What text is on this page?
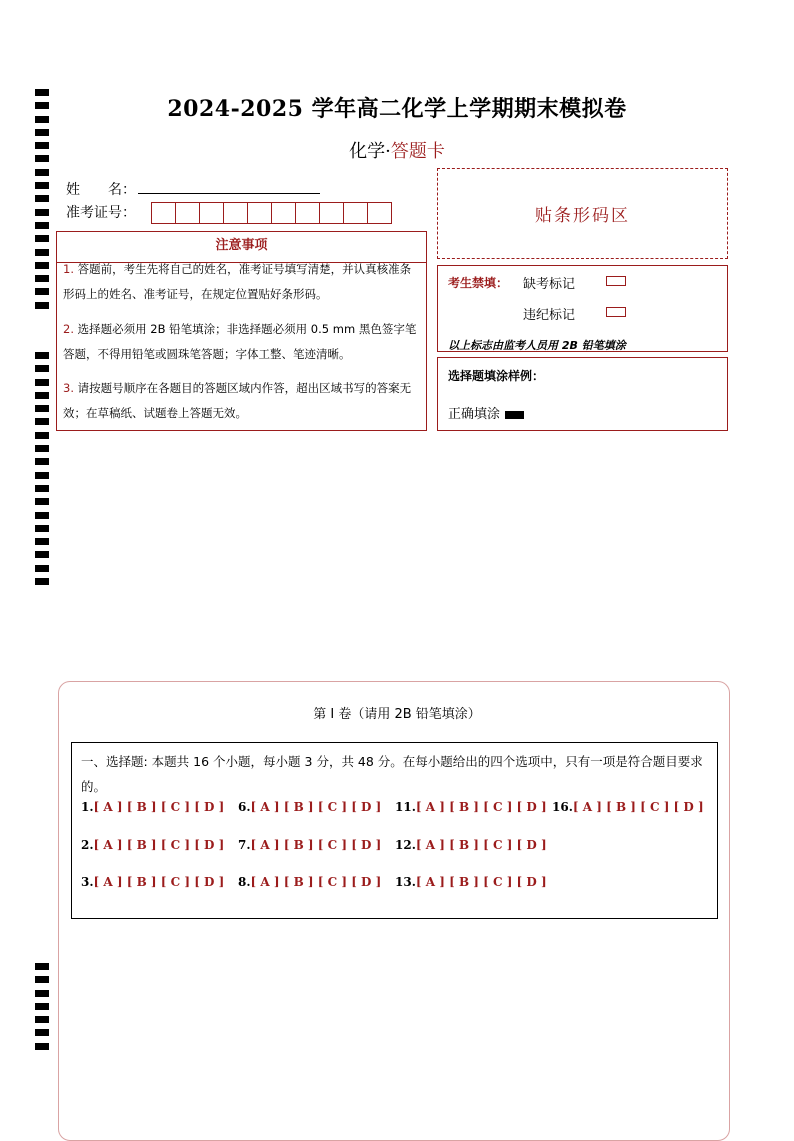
2024-2025 学年高二化学上学期期末模拟卷
化学·答题卡
姓　　名：
准考证号：	贴条形码区
注意事项
1. 答题前，考生先将自己的姓名，准考证号填写清楚，并认真核准条形码上的姓名、准考证号，在规定位置贴好条形码。
2. 选择题必须用 2B 铅笔填涂；非选择题必须用 0.5 mm 黑色签字笔答题，不得用铅笔或圆珠笔答题；字体工整、笔迹清晰。
3. 请按题号顺序在各题目的答题区域内作答，超出区域书写的答案无效；在草稿纸、试题卷上答题无效。
考生禁填： 缺考标记
违纪标记
以上标志由监考人员用 2B 铅笔填涂
选择题填涂样例：
正确填涂
第 I 卷（请用 2B 铅笔填涂）
一、选择题: 本题共 16 个小题，每小题 3 分，共 48 分。在每小题给出的四个选项中，只有一项是符合题目要求的。
1.[ A ] [ B ] [ C ] [ D ]
2.[ A ] [ B ] [ C ] [ D ]
3.[ A ] [ B ] [ C ] [ D ]
6.[ A ] [ B ] [ C ] [ D ]
7.[ A ] [ B ] [ C ] [ D ]
8.[ A ] [ B ] [ C ] [ D ]
11.[ A ] [ B ] [ C ] [ D ]
12.[ A ] [ B ] [ C ] [ D ]
13.[ A ] [ B ] [ C ] [ D ]
16.[ A ] [ B ] [ C ] [ D ]
